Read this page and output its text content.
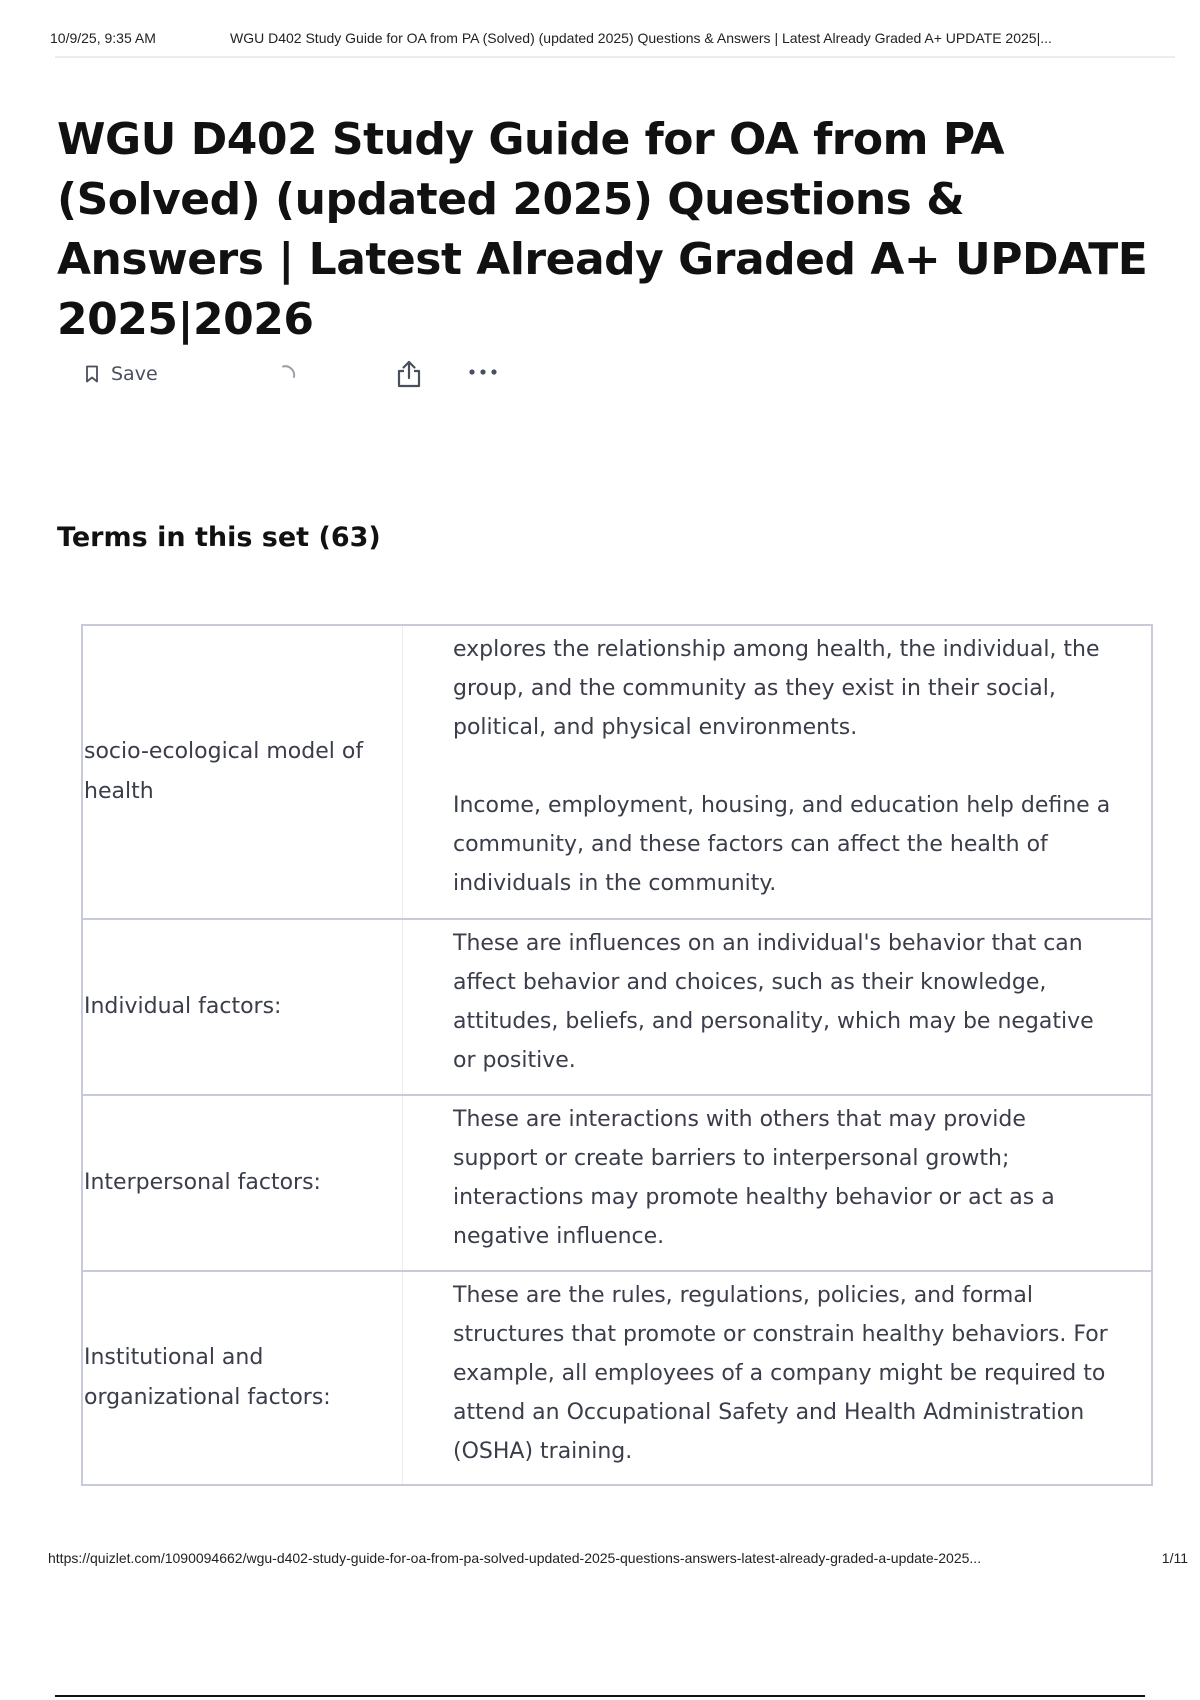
10/9/25, 9:35 AM	WGU D402 Study Guide for OA from PA (Solved) (updated 2025) Questions & Answers | Latest Already Graded A+ UPDATE 2025|...
WGU D402 Study Guide for OA from PA (Solved) (updated 2025) Questions & Answers | Latest Already Graded A+ UPDATE 2025|2026
Save
Terms in this set (63)
socio-ecological model of health

explores the relationship among health, the individual, the group, and the community as they exist in their social, political, and physical environments.

Income, employment, housing, and education help define a community, and these factors can affect the health of individuals in the community.

Individual factors:

These are influences on an individual's behavior that can affect behavior and choices, such as their knowledge, attitudes, beliefs, and personality, which may be negative or positive.

Interpersonal factors:

These are interactions with others that may provide support or create barriers to interpersonal growth; interactions may promote healthy behavior or act as a negative influence.

Institutional and organizational factors:

These are the rules, regulations, policies, and formal structures that promote or constrain healthy behaviors. For example, all employees of a company might be required to attend an Occupational Safety and Health Administration (OSHA) training.

https://quizlet.com/1090094662/wgu-d402-study-guide-for-oa-from-pa-solved-updated-2025-questions-answers-latest-already-graded-a-update-2025...	1/11
